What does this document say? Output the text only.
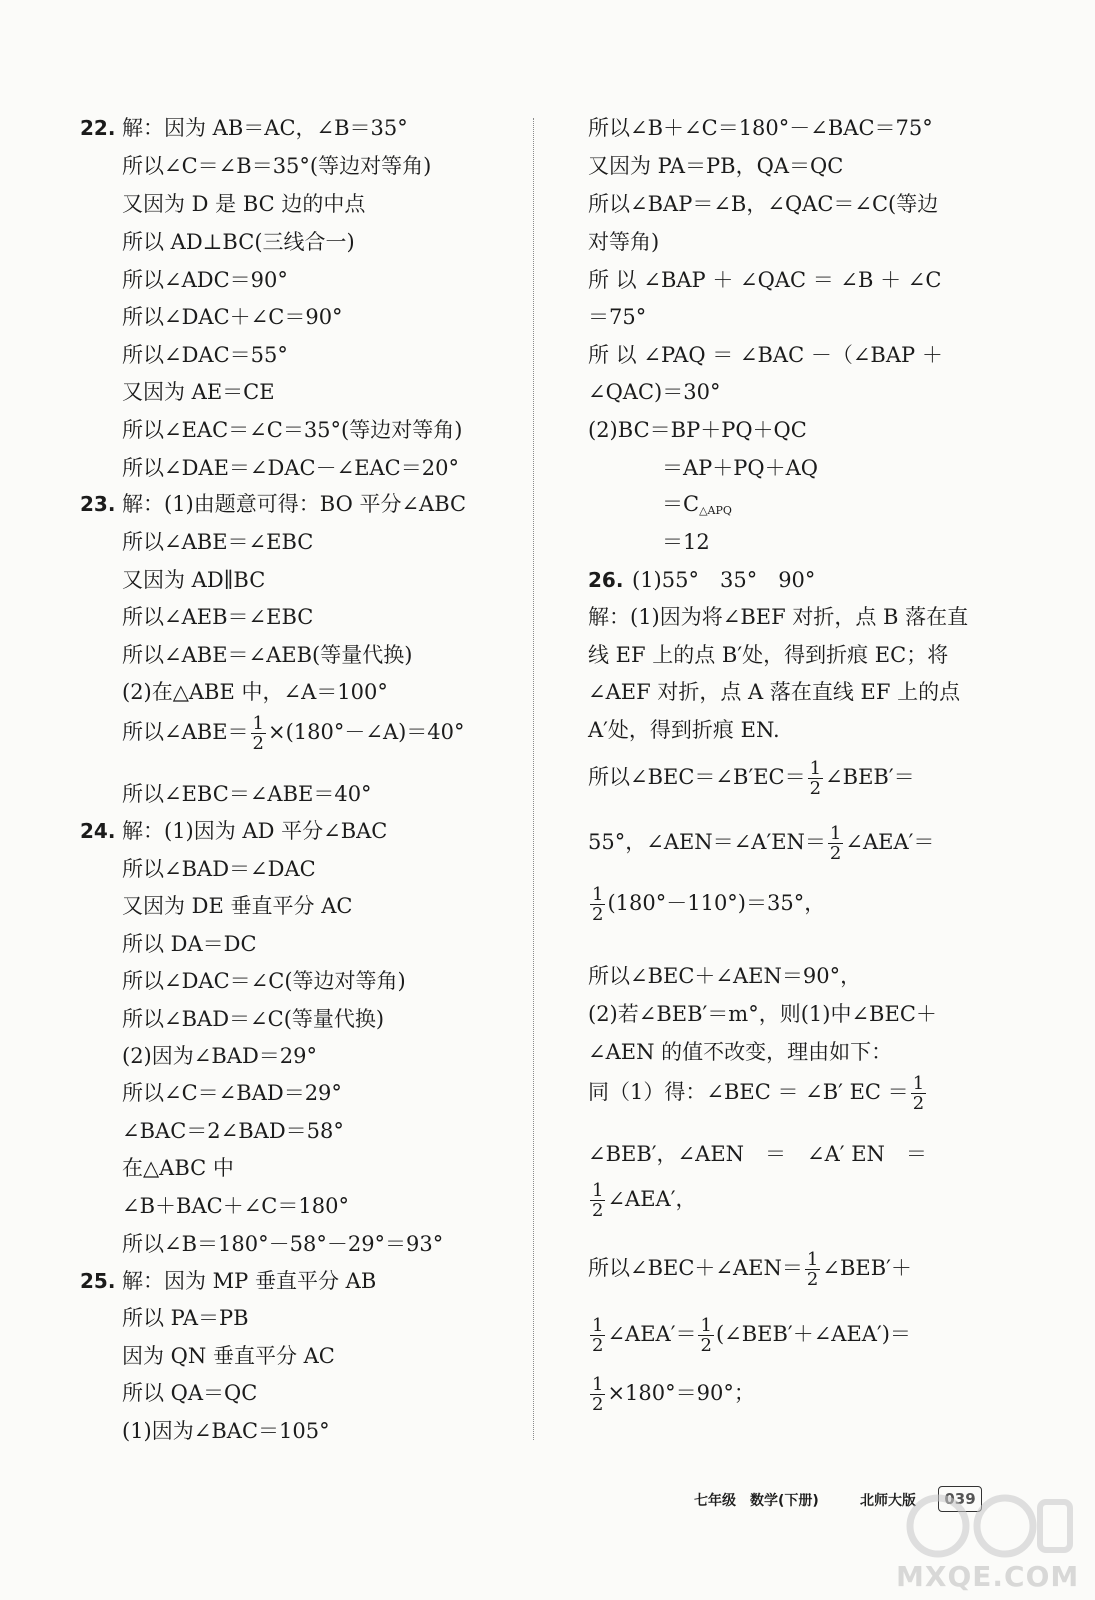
22. 解：因为 AB＝AC，∠B＝35°
所以∠C＝∠B＝35°(等边对等角)
又因为 D 是 BC 边的中点
所以 AD⊥BC(三线合一)
所以∠ADC＝90°
所以∠DAC＋∠C＝90°
所以∠DAC＝55°
又因为 AE＝CE
所以∠EAC＝∠C＝35°(等边对等角)
所以∠DAE＝∠DAC－∠EAC＝20°
23. 解：(1)由题意可得：BO 平分∠ABC
所以∠ABE＝∠EBC
又因为 AD∥BC
所以∠AEB＝∠EBC
所以∠ABE＝∠AEB(等量代换)
(2)在△ABE 中，∠A＝100°
所以∠ABE＝ $\frac{1}{2}$ ×(180°－∠A)＝40°
所以∠EBC＝∠ABE＝40°
24. 解：(1)因为 AD 平分∠BAC
所以∠BAD＝∠DAC
又因为 DE 垂直平分 AC
所以 DA＝DC
所以∠DAC＝∠C(等边对等角)
所以∠BAD＝∠C(等量代换)
(2)因为∠BAD＝29°
所以∠C＝∠BAD＝29°
∠BAC＝2∠BAD＝58°
在△ABC 中
∠B＋BAC＋∠C＝180°
所以∠B＝180°－58°－29°＝93°
25. 解：因为 MP 垂直平分 AB
所以 PA＝PB
因为 QN 垂直平分 AC
所以 QA＝QC
(1)因为∠BAC＝105°
所以∠B＋∠C＝180°－∠BAC＝75°
又因为 PA＝PB，QA＝QC
所以∠BAP＝∠B，∠QAC＝∠C(等边
对等角)
所 以 ∠BAP ＋ ∠QAC ＝ ∠B ＋ ∠C
＝75°
所 以 ∠PAQ ＝ ∠BAC －（∠BAP ＋
∠QAC)＝30°
(2)BC＝BP＋PQ＋QC
＝AP＋PQ＋AQ
$=C_{\triangle APQ}$
＝12
26. (1)55°　35°　90°
解：(1)因为将∠BEF 对折，点 B 落在直
线 EF 上的点 B′处，得到折痕 EC；将
∠AEF 对折，点 A 落在直线 EF 上的点
A′处，得到折痕 EN.
所以∠BEC＝∠B′EC＝ $\frac{1}{2}$ ∠BEB′＝
55°，∠AEN＝∠A′EN＝ $\frac{1}{2}$ ∠AEA′＝
$\frac{1}{2} (180^\circ-110^\circ)=35^\circ$，
所以∠BEC＋∠AEN＝90°，
(2)若∠BEB′＝m°，则(1)中∠BEC＋
∠AEN 的值不改变，理由如下：
同（1）得：∠BEC ＝ ∠B′ EC ＝ $\frac{1}{2}$
∠BEB′，∠AEN　＝　∠A′ EN　＝
$\frac{1}{2}$ ∠AEA′，
所以∠BEC＋∠AEN＝ $\frac{1}{2}$ ∠BEB′＋
$\frac{1}{2}$ ∠AEA′＝ $\frac{1}{2}$ (∠BEB′＋∠AEA′)＝
$\frac{1}{2} \times 180^\circ=90^\circ$；
七年级 数学(下册)	北师大版	039
MXQE.COM
